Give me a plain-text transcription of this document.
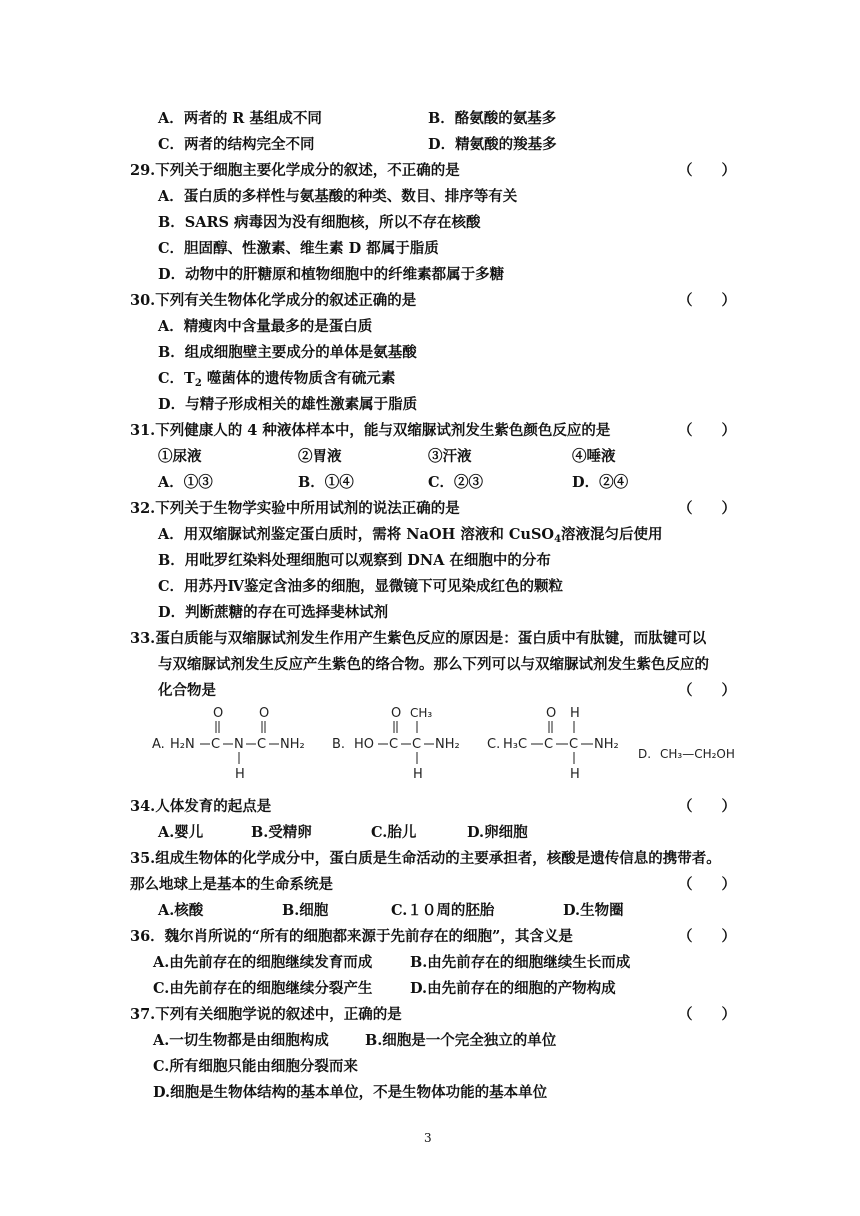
A．两者的 R 基组成不同	B．酪氨酸的氨基多
C．两者的结构完全不同	D．精氨酸的羧基多
29.下列关于细胞主要化学成分的叙述，不正确的是	（　　）
A．蛋白质的多样性与氨基酸的种类、数目、排序等有关
B．SARS 病毒因为没有细胞核，所以不存在核酸
C．胆固醇、性激素、维生素 D 都属于脂质
D．动物中的肝糖原和植物细胞中的纤维素都属于多糖
30.下列有关生物体化学成分的叙述正确的是	（　　）
A．精瘦肉中含量最多的是蛋白质
B．组成细胞壁主要成分的单体是氨基酸
C．$T_2$ 噬菌体的遗传物质含有硫元素
D．与精子形成相关的雄性激素属于脂质
31.下列健康人的 4 种液体样本中，能与双缩脲试剂发生紫色颜色反应的是	（　　）
①尿液	②胃液	③汗液	④唾液
A．①③	B．①④	C．②③	D．②④
32.下列关于生物学实验中所用试剂的说法正确的是	（　　）
A．用双缩脲试剂鉴定蛋白质时，需将 NaOH 溶液和 CuSO$_4$溶液混匀后使用
B．用吡罗红染料处理细胞可以观察到 DNA 在细胞中的分布
C．用苏丹Ⅳ鉴定含油多的细胞，显微镜下可见染成红色的颗粒
D．判断蔗糖的存在可选择斐林试剂
33.蛋白质能与双缩脲试剂发生作用产生紫色反应的原因是：蛋白质中有肽键，而肽键可以
与双缩脲试剂发生反应产生紫色的络合物。那么下列可以与双缩脲试剂发生紫色反应的
化合物是	（　　）
A. H₂N C
O
N
H
C
O
NH₂ B. HO C
O
C
CH₃
H
NH₂ C. H₃C C
O
C
H
H
NH₂
D. CH₃—CH₂OH
34.人体发育的起点是	（　　）
A.婴儿	B.受精卵	C.胎儿	D.卵细胞
35.组成生物体的化学成分中，蛋白质是生命活动的主要承担者，核酸是遗传信息的携带者。
那么地球上是基本的生命系统是	（　　）
A.核酸	B.细胞	C.１０周的胚胎	D.生物圈
36．魏尔肖所说的“所有的细胞都来源于先前存在的细胞”，其含义是	（　　）
A.由先前存在的细胞继续发育而成	B.由先前存在的细胞继续生长而成
C.由先前存在的细胞继续分裂产生	D.由先前存在的细胞的产物构成
37.下列有关细胞学说的叙述中，正确的是	（　　）
A.一切生物都是由细胞构成 B.细胞是一个完全独立的单位
C.所有细胞只能由细胞分裂而来
D.细胞是生物体结构的基本单位，不是生物体功能的基本单位
3
